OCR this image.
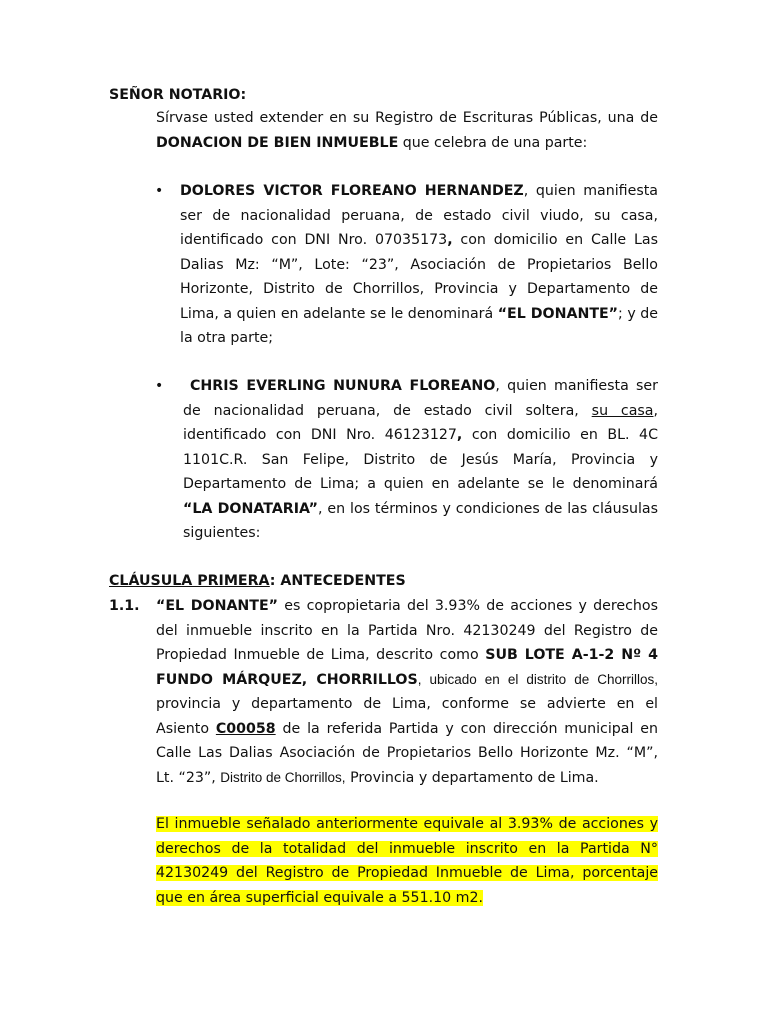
SEÑOR NOTARIO:

Sírvase usted extender en su Registro de Escrituras Públicas, una de DONACION DE BIEN INMUEBLE que celebra de una parte:

• DOLORES VICTOR FLOREANO HERNANDEZ, quien manifiesta ser de nacionalidad peruana, de estado civil viudo, su casa, identificado con DNI Nro. 07035173, con domicilio en Calle Las Dalias Mz: “M”, Lote: “23”, Asociación de Propietarios Bello Horizonte, Distrito de Chorrillos, Provincia y Departamento de Lima, a quien en adelante se le denominará “EL DONANTE”; y de la otra parte;

•	CHRIS EVERLING NUNURA FLOREANO, quien manifiesta ser de nacionalidad peruana, de estado civil soltera, su casa, identificado con DNI Nro. 46123127, con domicilio en BL. 4C 1101C.R. San Felipe, Distrito de Jesús María, Provincia y Departamento de Lima; a quien en adelante se le denominará “LA DONATARIA”, en los términos y condiciones de las cláusulas siguientes:

CLÁUSULA PRIMERA: ANTECEDENTES
1.1. “EL DONANTE” es copropietaria del 3.93% de acciones y derechos del inmueble inscrito en la Partida Nro. 42130249 del Registro de Propiedad Inmueble de Lima, descrito como SUB LOTE A-1-2 Nº 4 FUNDO MÁRQUEZ, CHORRILLOS, ubicado en el distrito de Chorrillos, provincia y departamento de Lima, conforme se advierte en el Asiento C00058 de la referida Partida y con dirección municipal en Calle Las Dalias Asociación de Propietarios Bello Horizonte Mz. “M”, Lt. “23”, Distrito de Chorrillos, Provincia y departamento de Lima.

El inmueble señalado anteriormente equivale al 3.93% de acciones y derechos de la totalidad del inmueble inscrito en la Partida N° 42130249 del Registro de Propiedad Inmueble de Lima, porcentaje que en área superficial equivale a 551.10 m2.
